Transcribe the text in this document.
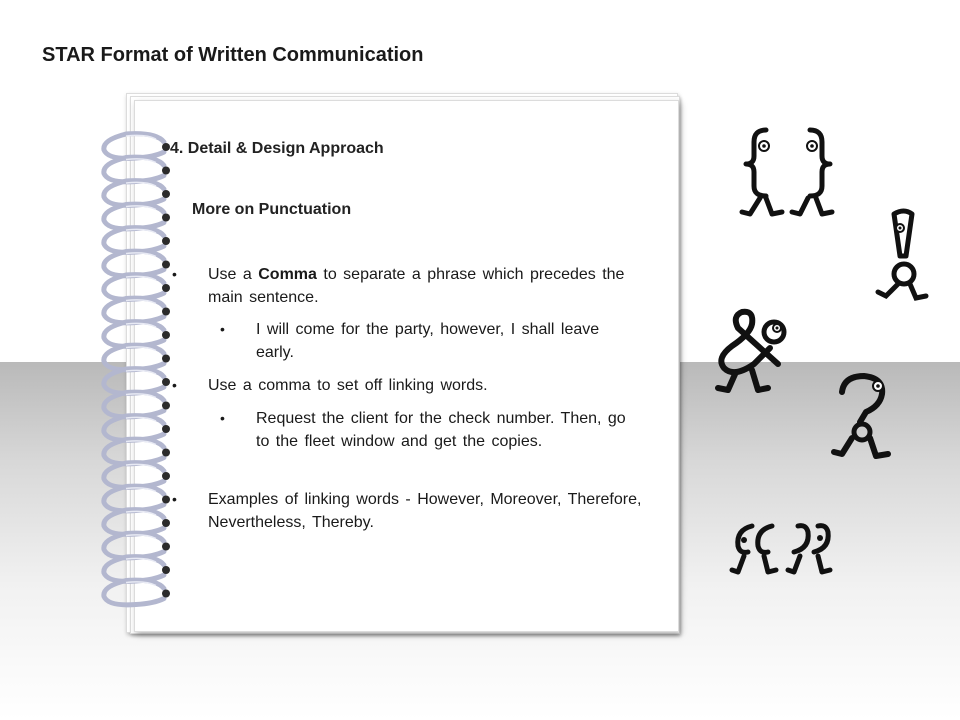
STAR Format of Written Communication
4. Detail & Design Approach
More on Punctuation
• Use a Comma to separate a phrase which precedes the main sentence.
• I will come for the party, however, I shall leave early.
• Use a comma to set off linking words.
• Request the client for the check number. Then, go to the fleet window and get the copies.
• Examples of linking words - However, Moreover, Therefore, Nevertheless, Thereby.
